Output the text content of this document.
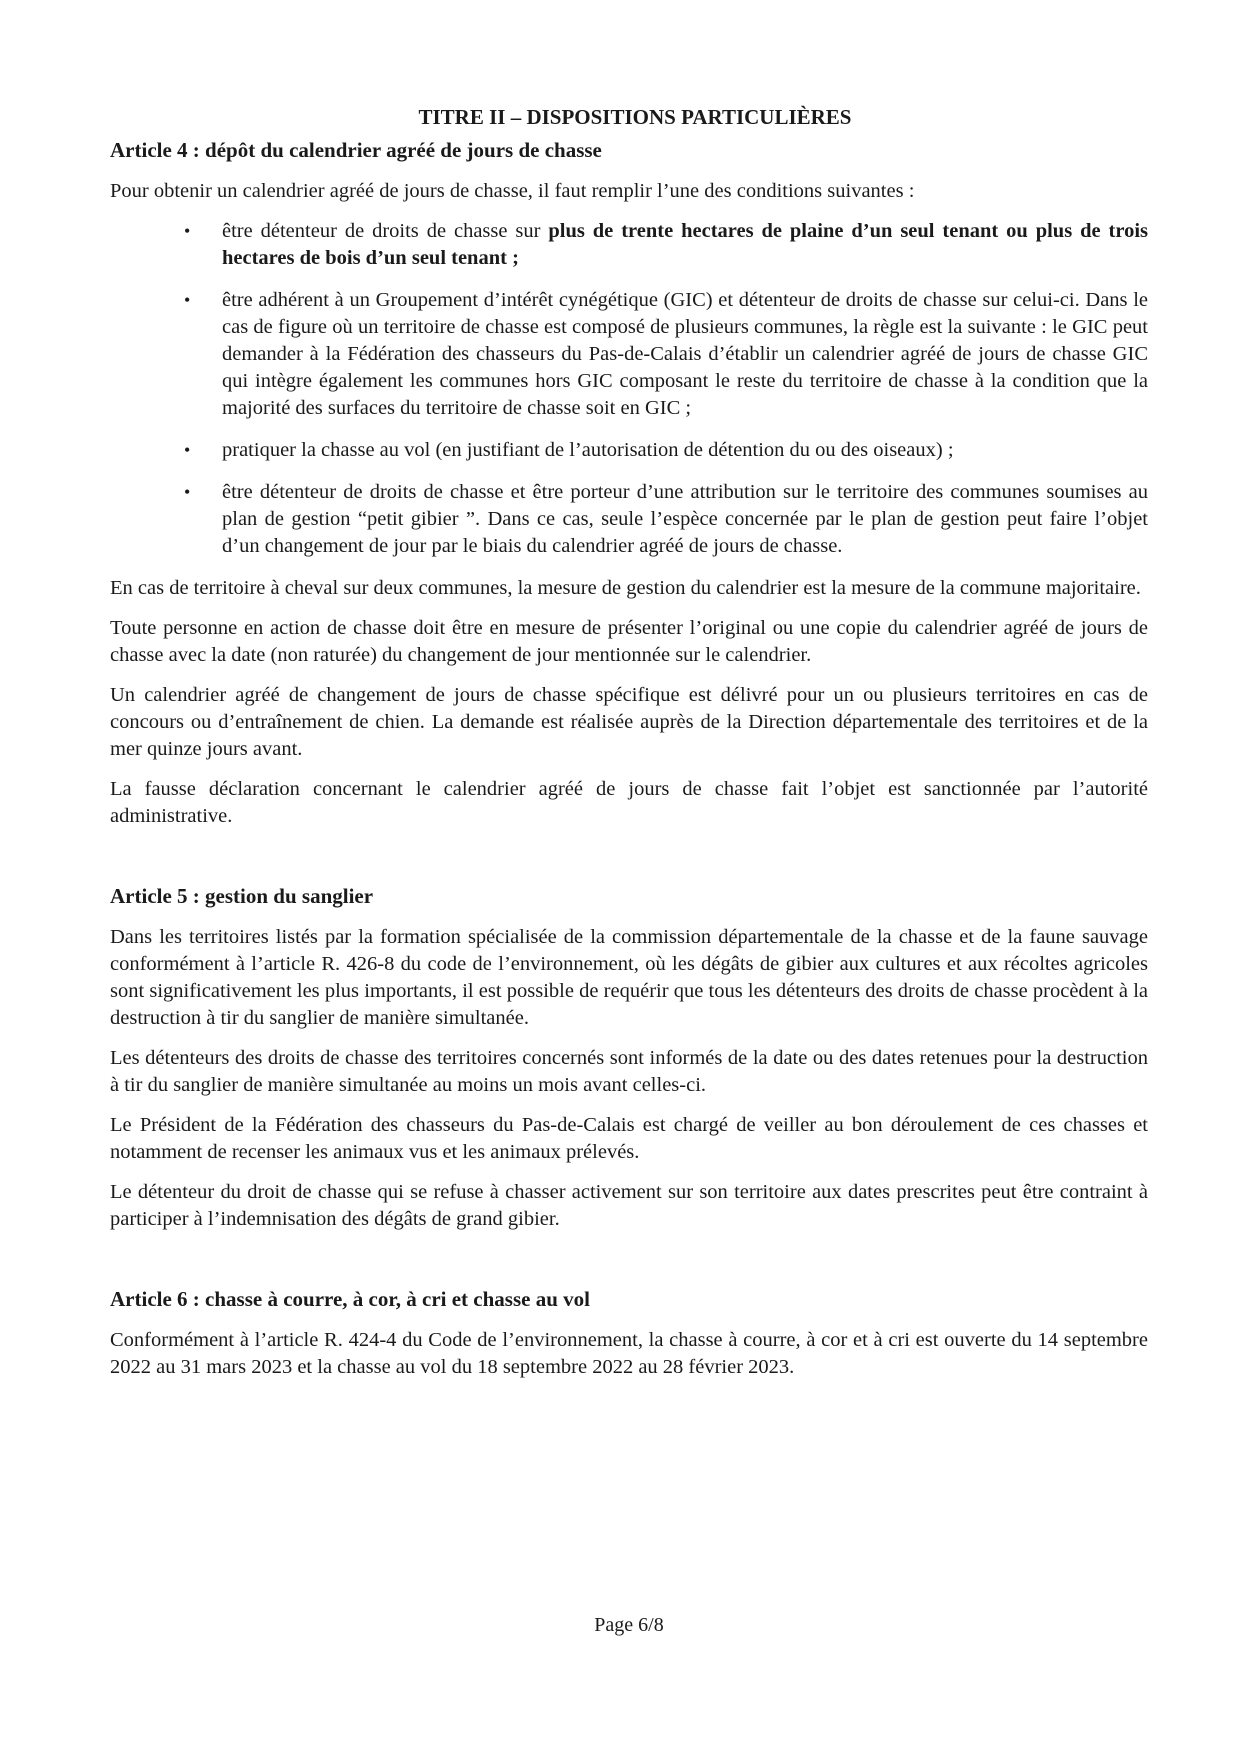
TITRE II – DISPOSITIONS PARTICULIÈRES
Article 4 : dépôt du calendrier agréé de jours de chasse

Pour obtenir un calendrier agréé de jours de chasse, il faut remplir l’une des conditions suivantes :

• être détenteur de droits de chasse sur plus de trente hectares de plaine d’un seul tenant ou plus de trois hectares de bois d’un seul tenant ;
• être adhérent à un Groupement d’intérêt cynégétique (GIC) et détenteur de droits de chasse sur celui-ci. Dans le cas de figure où un territoire de chasse est composé de plusieurs communes, la règle est la suivante : le GIC peut demander à la Fédération des chasseurs du Pas-de-Calais d’établir un calendrier agréé de jours de chasse GIC qui intègre également les communes hors GIC composant le reste du territoire de chasse à la condition que la majorité des surfaces du territoire de chasse soit en GIC ;
• pratiquer la chasse au vol (en justifiant de l’autorisation de détention du ou des oiseaux) ;
• être détenteur de droits de chasse et être porteur d’une attribution sur le territoire des communes soumises au plan de gestion “petit gibier ”. Dans ce cas, seule l’espèce concernée par le plan de gestion peut faire l’objet d’un changement de jour par le biais du calendrier agréé de jours de chasse.

En cas de territoire à cheval sur deux communes, la mesure de gestion du calendrier est la mesure de la commune majoritaire.

Toute personne en action de chasse doit être en mesure de présenter l’original ou une copie du calendrier agréé de jours de chasse avec la date (non raturée) du changement de jour mentionnée sur le calendrier.

Un calendrier agréé de changement de jours de chasse spécifique est délivré pour un ou plusieurs territoires en cas de concours ou d’entraînement de chien. La demande est réalisée auprès de la Direction départementale des territoires et de la mer quinze jours avant.

La fausse déclaration concernant le calendrier agréé de jours de chasse fait l’objet est sanctionnée par l’autorité administrative.

Article 5 : gestion du sanglier

Dans les territoires listés par la formation spécialisée de la commission départementale de la chasse et de la faune sauvage conformément à l’article R. 426-8 du code de l’environnement, où les dégâts de gibier aux cultures et aux récoltes agricoles sont significativement les plus importants, il est possible de requérir que tous les détenteurs des droits de chasse procèdent à la destruction à tir du sanglier de manière simultanée.

Les détenteurs des droits de chasse des territoires concernés sont informés de la date ou des dates retenues pour la destruction à tir du sanglier de manière simultanée au moins un mois avant celles-ci.

Le Président de la Fédération des chasseurs du Pas-de-Calais est chargé de veiller au bon déroulement de ces chasses et notamment de recenser les animaux vus et les animaux prélevés.

Le détenteur du droit de chasse qui se refuse à chasser activement sur son territoire aux dates prescrites peut être contraint à participer à l’indemnisation des dégâts de grand gibier.

Article 6 : chasse à courre, à cor, à cri et chasse au vol

Conformément à l’article R. 424-4 du Code de l’environnement, la chasse à courre, à cor et à cri est ouverte du 14 septembre 2022 au 31 mars 2023 et la chasse au vol du 18 septembre 2022 au 28 février 2023.

Page 6/8
